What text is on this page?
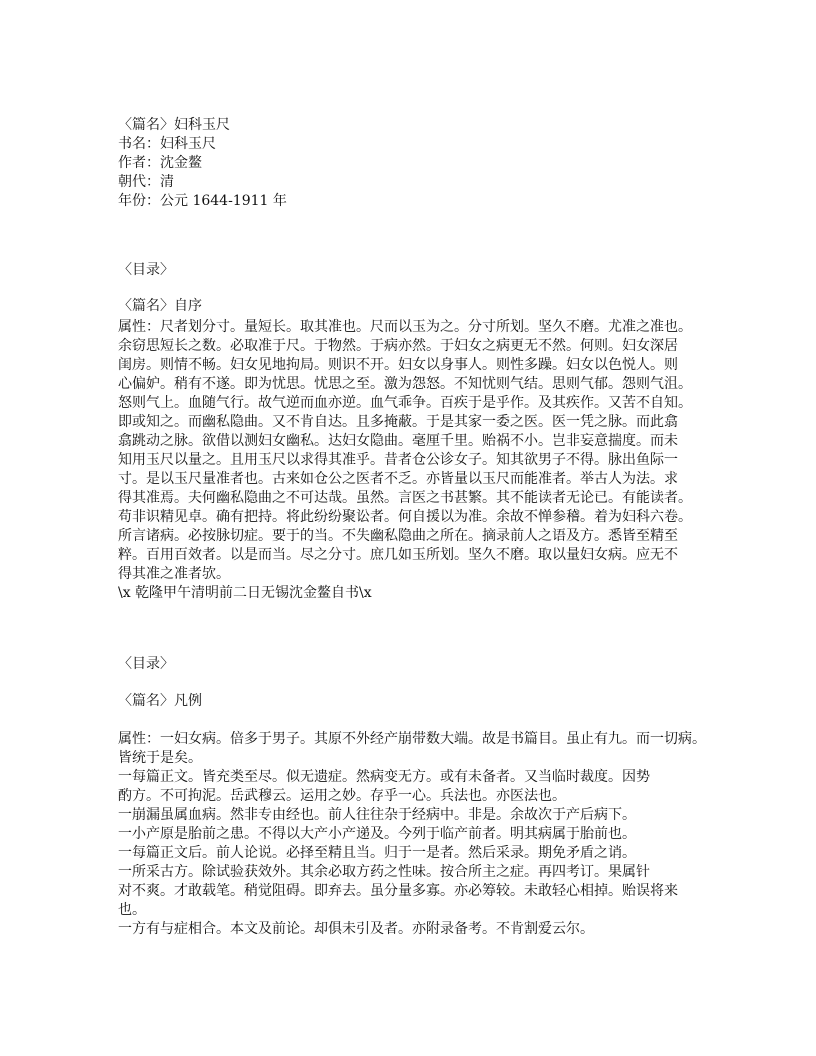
〈篇名〉妇科玉尺
书名：妇科玉尺
作者：沈金鳌
朝代：清
年份：公元 1644-1911 年
〈目录〉
〈篇名〉自序
属性：尺者划分寸。量短长。取其准也。尺而以玉为之。分寸所划。坚久不磨。尤准之准也。
余窃思短长之数。必取准于尺。于物然。于病亦然。于妇女之病更无不然。何则。妇女深居
闺房。则情不畅。妇女见地拘局。则识不开。妇女以身事人。则性多躁。妇女以色悦人。则
心偏妒。稍有不遂。即为忧思。忧思之至。激为怨怒。不知忧则气结。思则气郁。怨则气沮。
怒则气上。血随气行。故气逆而血亦逆。血气乖争。百疾于是乎作。及其疾作。又苦不自知。
即或知之。而幽私隐曲。又不肯自达。且多掩蔽。于是其家一委之医。医一凭之脉。而此翕
翕跳动之脉。欲借以测妇女幽私。达妇女隐曲。毫厘千里。贻祸不小。岂非妄意揣度。而未
知用玉尺以量之。且用玉尺以求得其准乎。昔者仓公诊女子。知其欲男子不得。脉出鱼际一
寸。是以玉尺量准者也。古来如仓公之医者不乏。亦皆量以玉尺而能准者。举古人为法。求
得其准焉。夫何幽私隐曲之不可达哉。虽然。言医之书甚繁。其不能读者无论已。有能读者。
苟非识精见卓。确有把持。将此纷纷聚讼者。何自援以为准。余故不惮参稽。着为妇科六卷。
所言诸病。必按脉切症。要于的当。不失幽私隐曲之所在。摘录前人之语及方。悉皆至精至
粹。百用百效者。以是而当。尽之分寸。庶几如玉所划。坚久不磨。取以量妇女病。应无不
得其准之准者欤。
\x 乾隆甲午清明前二日无锡沈金鳌自书\x
〈目录〉
〈篇名〉凡例
属性：一妇女病。倍多于男子。其原不外经产崩带数大端。故是书篇目。虽止有九。而一切病。
皆统于是矣。
一每篇正文。皆充类至尽。似无遗症。然病变无方。或有未备者。又当临时裁度。因势
酌方。不可拘泥。岳武穆云。运用之妙。存乎一心。兵法也。亦医法也。
一崩漏虽属血病。然非专由经也。前人往往杂于经病中。非是。余故次于产后病下。
一小产原是胎前之患。不得以大产小产递及。今列于临产前者。明其病属于胎前也。
一每篇正文后。前人论说。必择至精且当。归于一是者。然后采录。期免矛盾之诮。
一所采古方。除试验获效外。其余必取方药之性味。按合所主之症。再四考订。果属针
对不爽。才敢载笔。稍觉阻碍。即弃去。虽分量多寡。亦必筹较。未敢轻心相掉。贻误将来
也。
一方有与症相合。本文及前论。却俱未引及者。亦附录备考。不肯割爱云尔。
